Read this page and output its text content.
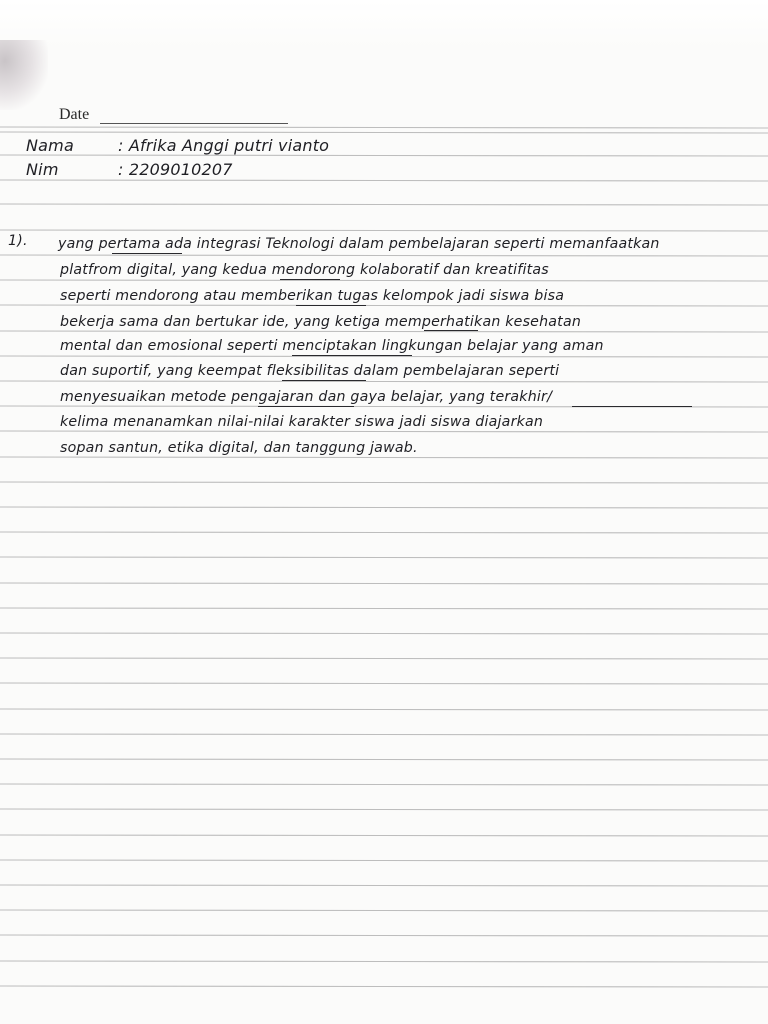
Date
Nama	: Afrika Anggi putri vianto
Nim	: 2209010207
1). yang pertama ada integrasi Teknologi dalam pembelajaran seperti memanfaatkan
platfrom digital, yang kedua mendorong kolaboratif dan kreatifitas
seperti mendorong atau memberikan tugas kelompok jadi siswa bisa
bekerja sama dan bertukar ide, yang ketiga memperhatikan kesehatan
mental dan emosional seperti menciptakan lingkungan belajar yang aman
dan suportif, yang keempat fleksibilitas dalam pembelajaran seperti
menyesuaikan metode pengajaran dan gaya belajar, yang terakhir/
kelima menanamkan nilai-nilai karakter siswa jadi siswa diajarkan
sopan santun, etika digital, dan tanggung jawab.
